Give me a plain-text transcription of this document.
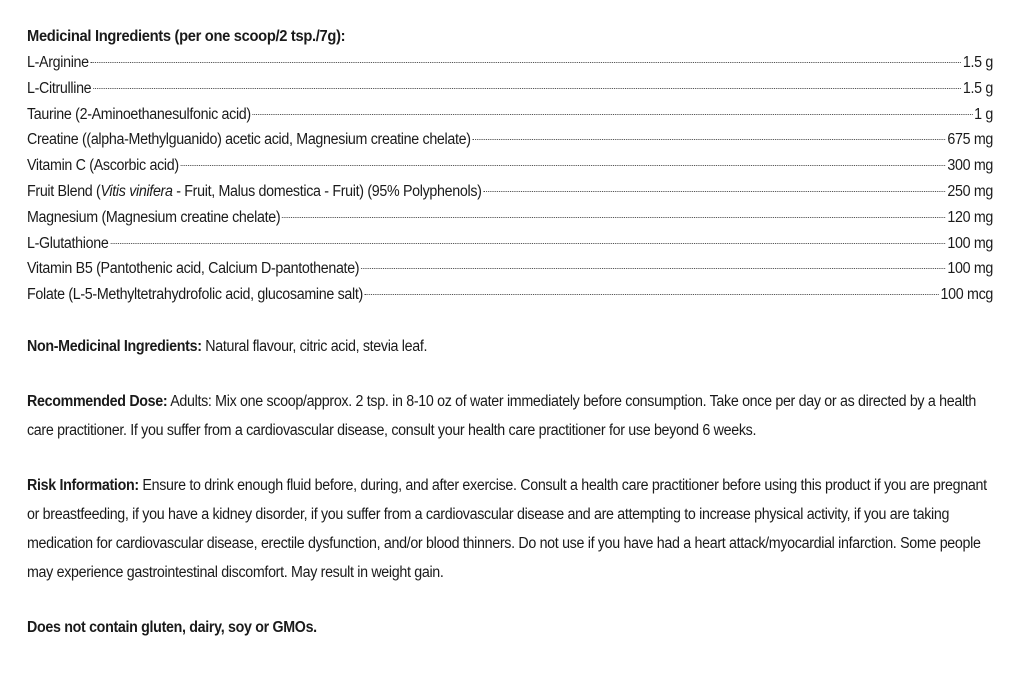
Medicinal Ingredients (per one scoop/2 tsp./7g):
L-Arginine	1.5 g
L-Citrulline	1.5 g
Taurine (2-Aminoethanesulfonic acid)	1 g
Creatine ((alpha-Methylguanido) acetic acid, Magnesium creatine chelate)	675 mg
Vitamin C (Ascorbic acid)	300 mg
Fruit Blend (Vitis vinifera - Fruit, Malus domestica - Fruit) (95% Polyphenols)	250 mg
Magnesium (Magnesium creatine chelate)	120 mg
L-Glutathione	100 mg
Vitamin B5 (Pantothenic acid, Calcium D-pantothenate)	100 mg
Folate (L-5-Methyltetrahydrofolic acid, glucosamine salt)	100 mcg

Non-Medicinal Ingredients: Natural flavour, citric acid, stevia leaf.

Recommended Dose: Adults: Mix one scoop/approx. 2 tsp. in 8-10 oz of water immediately before consumption. Take once per day or as directed by a health care practitioner. If you suffer from a cardiovascular disease, consult your health care practitioner for use beyond 6 weeks.

Risk Information: Ensure to drink enough fluid before, during, and after exercise. Consult a health care practitioner before using this product if you are pregnant or breastfeeding, if you have a kidney disorder, if you suffer from a cardiovascular disease and are attempting to increase physical activity, if you are taking medication for cardiovascular disease, erectile dysfunction, and/or blood thinners. Do not use if you have had a heart attack/myocardial infarction. Some people may experience gastrointestinal discomfort. May result in weight gain.

Does not contain gluten, dairy, soy or GMOs.
